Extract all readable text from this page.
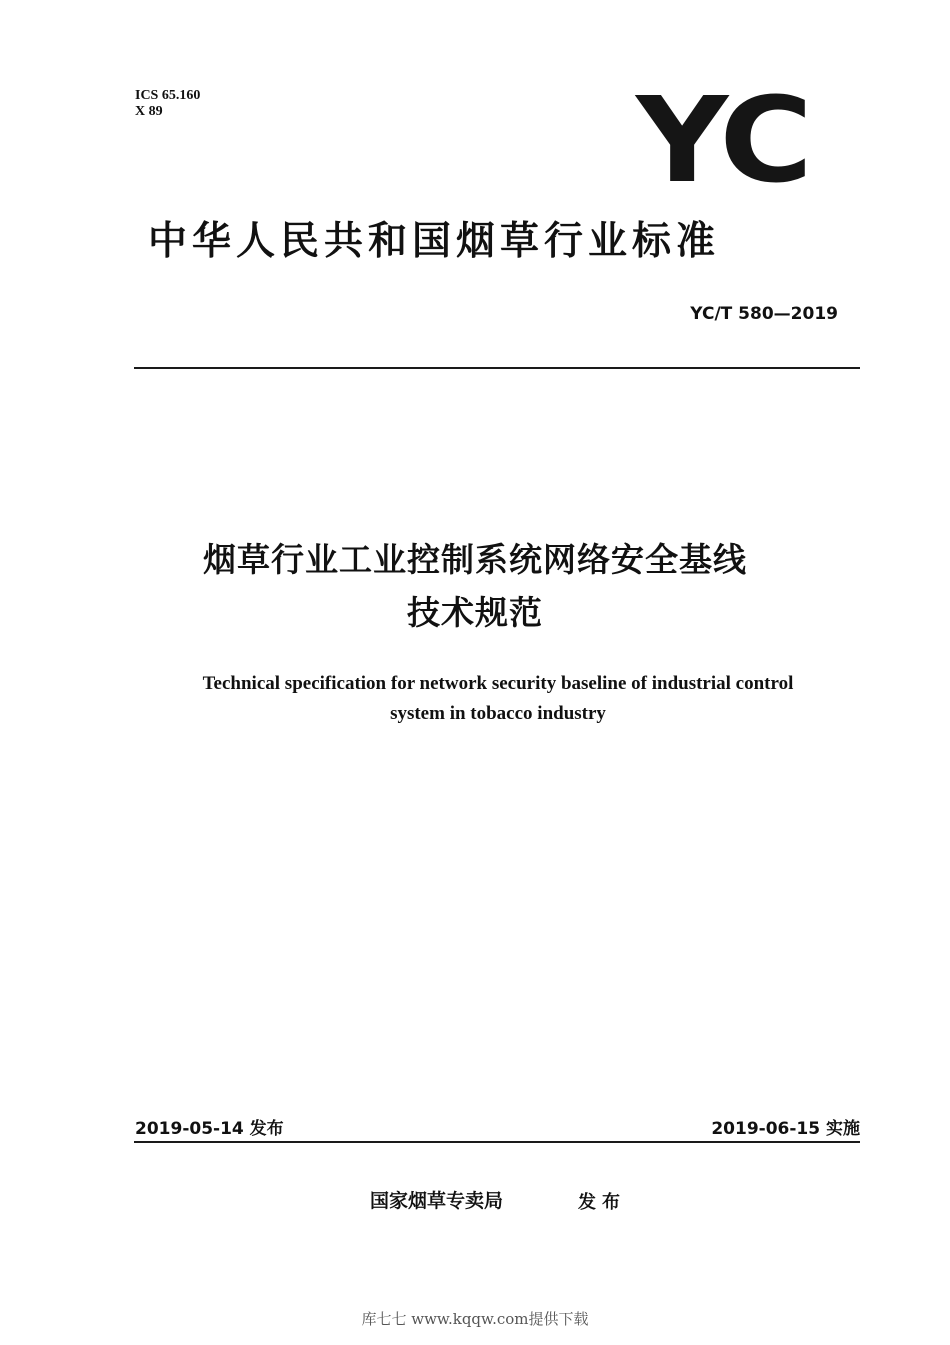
ICS 65.160
X 89	YC
中华人民共和国烟草行业标准
YC/T 580—2019
烟草行业工业控制系统网络安全基线
技术规范
Technical specification for network security baseline of industrial control
system in tobacco industry
2019-05-14 发布	2019-06-15 实施
国家烟草专卖局	发布
库七七 www.kqqw.com提供下载
